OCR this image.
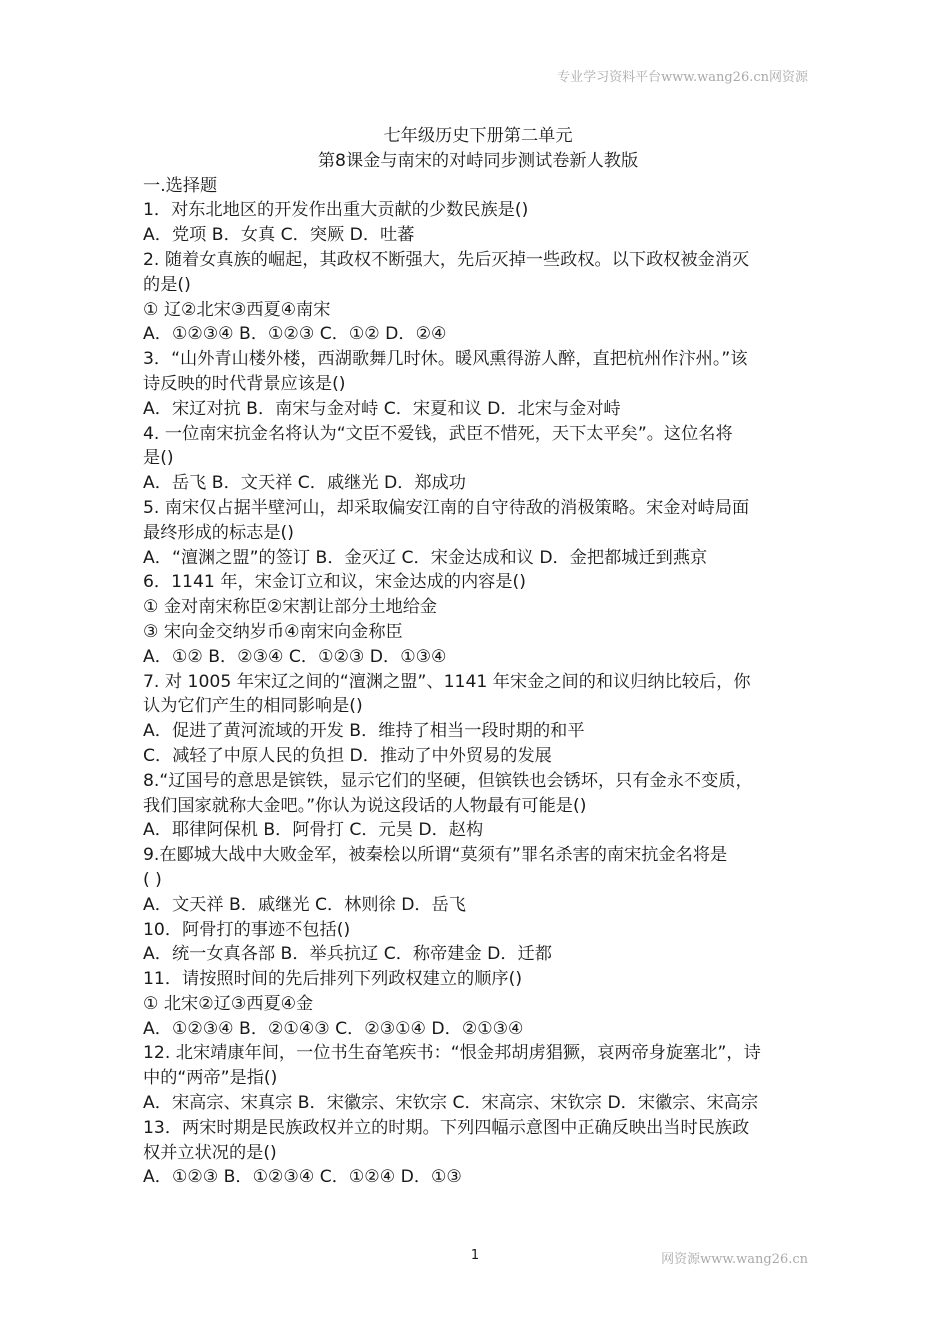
专业学习资料平台www.wang26.cn网资源
七年级历史下册第二单元
第8课金与南宋的对峙同步测试卷新人教版
一.选择题
1．对东北地区的开发作出重大贡献的少数民族是()
A．党项 B．女真 C．突厥 D．吐蕃
2. 随着女真族的崛起，其政权不断强大，先后灭掉一些政权。以下政权被金消灭
的是()
① 辽②北宋③西夏④南宋
A．①②③④ B．①②③ C．①② D．②④
3．“山外青山楼外楼，西湖歌舞几时休。暖风熏得游人醉，直把杭州作汴州。”该
诗反映的时代背景应该是()
A．宋辽对抗 B．南宋与金对峙 C．宋夏和议 D．北宋与金对峙
4. 一位南宋抗金名将认为“文臣不爱钱，武臣不惜死，天下太平矣”。这位名将
是()
A．岳飞 B．文天祥 C．戚继光 D．郑成功
5. 南宋仅占据半壁河山，却采取偏安江南的自守待敌的消极策略。宋金对峙局面
最终形成的标志是()
A．“澶渊之盟”的签订 B．金灭辽 C．宋金达成和议 D．金把都城迁到燕京
6．1141 年，宋金订立和议，宋金达成的内容是()
① 金对南宋称臣②宋割让部分土地给金
③ 宋向金交纳岁币④南宋向金称臣
A．①② B．②③④ C．①②③ D．①③④
7. 对 1005 年宋辽之间的“澶渊之盟”、1141 年宋金之间的和议归纳比较后，你
认为它们产生的相同影响是()
A．促进了黄河流域的开发 B．维持了相当一段时期的和平
C．减轻了中原人民的负担 D．推动了中外贸易的发展
8.“辽国号的意思是镔铁，显示它们的坚硬，但镔铁也会锈坏，只有金永不变质，
我们国家就称大金吧。”你认为说这段话的人物最有可能是()
A．耶律阿保机 B．阿骨打 C．元昊 D．赵构
9.在郾城大战中大败金军，被秦桧以所谓“莫须有”罪名杀害的南宋抗金名将是
( )
A．文天祥 B．戚继光 C．林则徐 D．岳飞
10．阿骨打的事迹不包括()
A．统一女真各部 B．举兵抗辽 C．称帝建金 D．迁都
11．请按照时间的先后排列下列政权建立的顺序()
① 北宋②辽③西夏④金
A．①②③④ B．②①④③ C．②③①④ D．②①③④
12. 北宋靖康年间，一位书生奋笔疾书：“恨金邦胡虏猖獗，哀两帝身旋塞北”，诗
中的“两帝”是指()
A．宋高宗、宋真宗 B．宋徽宗、宋钦宗 C．宋高宗、宋钦宗 D．宋徽宗、宋高宗
13．两宋时期是民族政权并立的时期。下列四幅示意图中正确反映出当时民族政
权并立状况的是()
A．①②③ B．①②③④ C．①②④ D．①③
1	网资源www.wang26.cn
